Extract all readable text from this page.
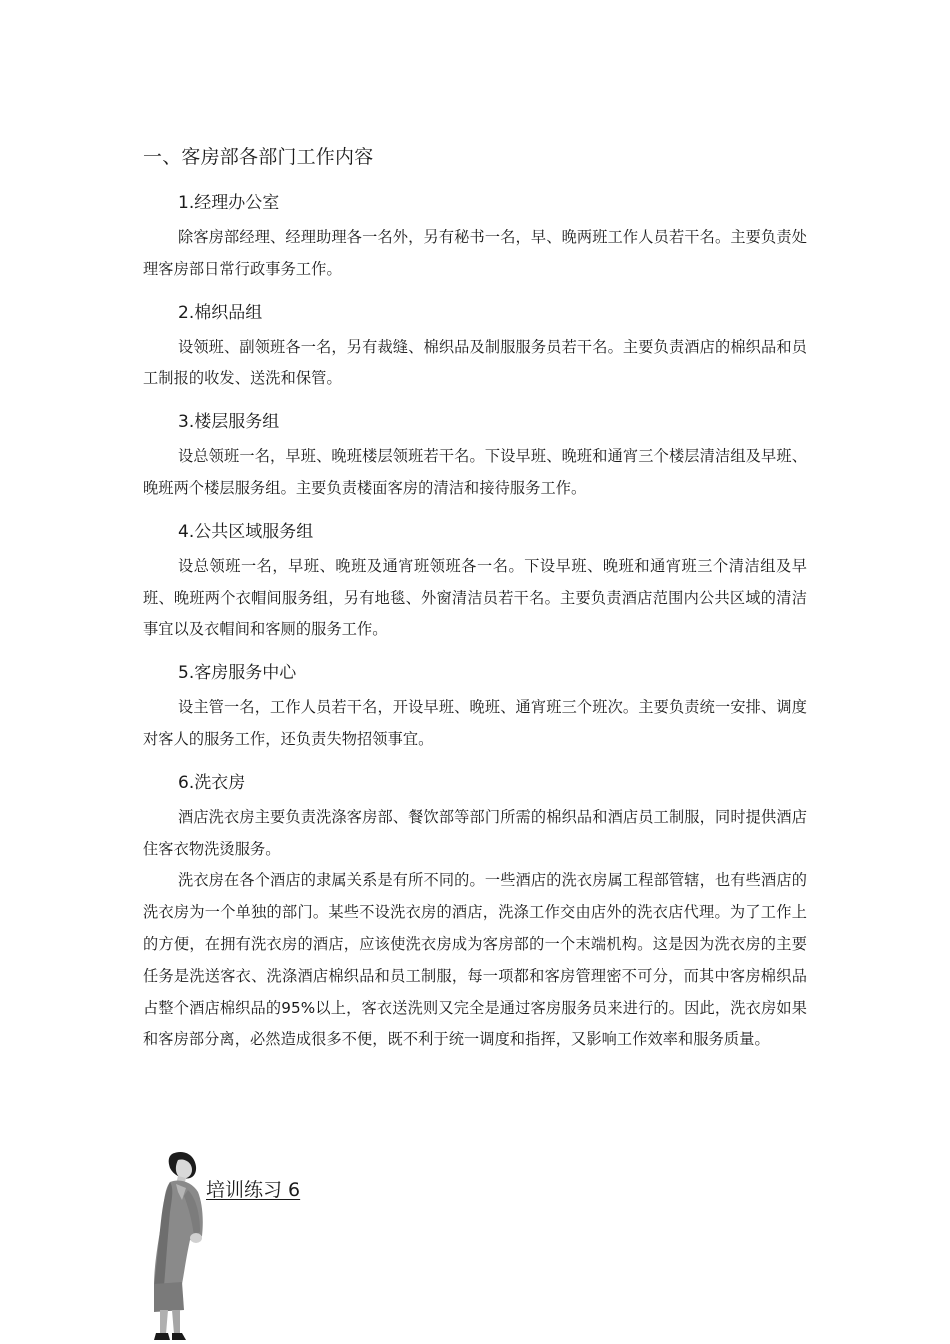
一、客房部各部门工作内容
1.经理办公室

除客房部经理、经理助理各一名外，另有秘书一名，早、晚两班工作人员若干名。主要负责处理客房部日常行政事务工作。

2.棉织品组

设领班、副领班各一名，另有裁缝、棉织品及制服服务员若干名。主要负责酒店的棉织品和员工制报的收发、送洗和保管。

3.楼层服务组

设总领班一名，早班、晚班楼层领班若干名。下设早班、晚班和通宵三个楼层清洁组及早班、晚班两个楼层服务组。主要负责楼面客房的清洁和接待服务工作。

4.公共区域服务组

设总领班一名，早班、晚班及通宵班领班各一名。下设早班、晚班和通宵班三个清洁组及早班、晚班两个衣帽间服务组，另有地毯、外窗清洁员若干名。主要负责酒店范围内公共区域的清洁事宜以及衣帽间和客厕的服务工作。

5.客房服务中心

设主管一名，工作人员若干名，开设早班、晚班、通宵班三个班次。主要负责统一安排、调度对客人的服务工作，还负责失物招领事宜。

6.洗衣房

酒店洗衣房主要负责洗涤客房部、餐饮部等部门所需的棉织品和酒店员工制服，同时提供酒店住客衣物洗烫服务。

洗衣房在各个酒店的隶属关系是有所不同的。一些酒店的洗衣房属工程部管辖，也有些酒店的洗衣房为一个单独的部门。某些不设洗衣房的酒店，洗涤工作交由店外的洗衣店代理。为了工作上的方便，在拥有洗衣房的酒店，应该使洗衣房成为客房部的一个末端机构。这是因为洗衣房的主要任务是洗送客衣、洗涤酒店棉织品和员工制服，每一项都和客房管理密不可分，而其中客房棉织品占整个酒店棉织品的95%以上，客衣送洗则又完全是通过客房服务员来进行的。因此，洗衣房如果和客房部分离，必然造成很多不便，既不利于统一调度和指挥，又影响工作效率和服务质量。

培训练习 6
